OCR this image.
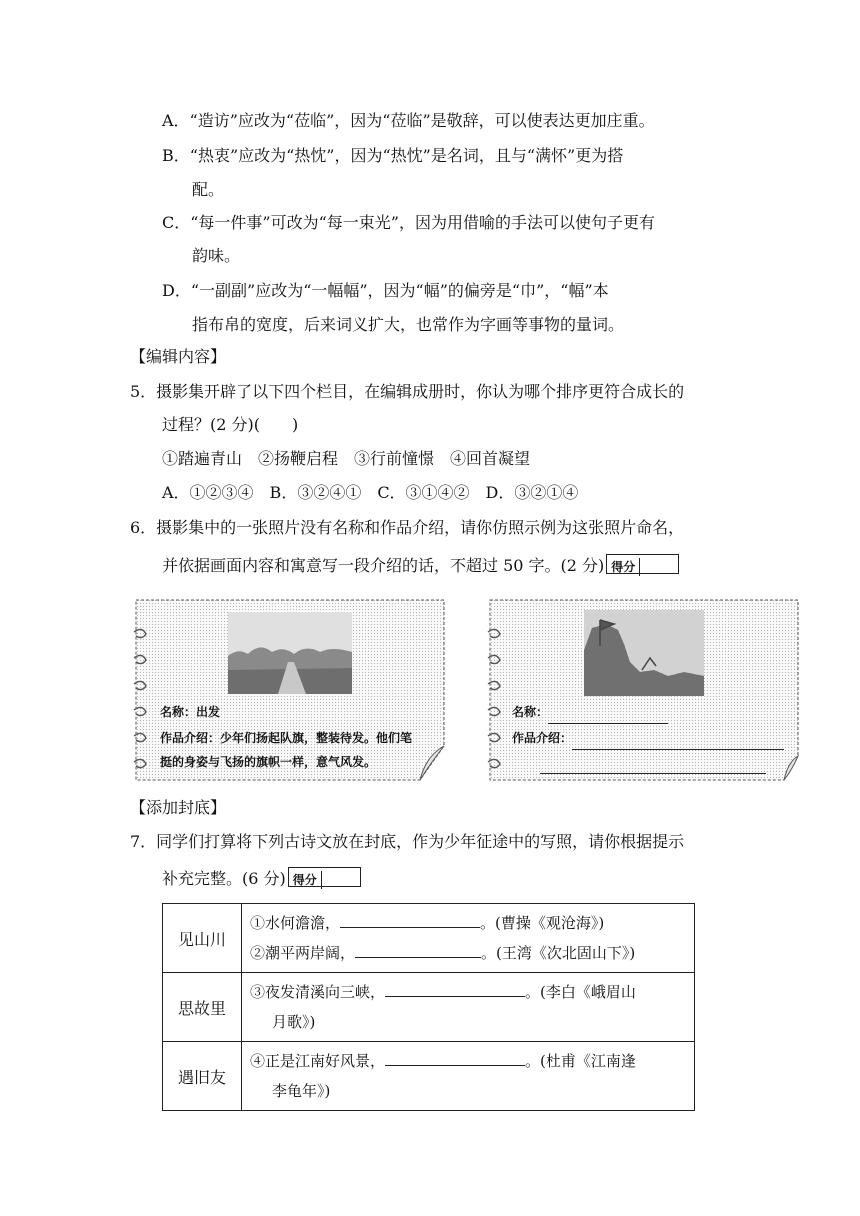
A．“造访”应改为“莅临”，因为“莅临”是敬辞，可以使表达更加庄重。
B．“热衷”应改为“热忱”，因为“热忱”是名词，且与“满怀”更为搭
配。
C．“每一件事”可改为“每一束光”，因为用借喻的手法可以使句子更有
韵味。
D．“一副副”应改为“一幅幅”，因为“幅”的偏旁是“巾”，“幅”本
指布帛的宽度，后来词义扩大，也常作为字画等事物的量词。
【编辑内容】
5．摄影集开辟了以下四个栏目，在编辑成册时，你认为哪个排序更符合成长的
过程？(2 分)(　　)
①踏遍青山　②扬鞭启程　③行前憧憬　④回首凝望
A．①②③④　B．③②④①　C．③①④②　D．③②①④
6．摄影集中的一张照片没有名称和作品介绍，请你仿照示例为这张照片命名，
并依据画面内容和寓意写一段介绍的话，不超过 50 字。(2 分) 得分
名称：出发
作品介绍：少年们扬起队旗，整装待发。他们笔
挺的身姿与飞扬的旗帜一样，意气风发。
名称：
作品介绍：
【添加封底】
7．同学们打算将下列古诗文放在封底，作为少年征途中的写照，请你根据提示
补充完整。(6 分) 得分
见山川	①水何澹澹， 。(曹操《观沧海》)
②潮平两岸阔， 。(王湾《次北固山下》)

思故里	③夜发清溪向三峡， 。(李白《峨眉山
月歌》)

遇旧友	④正是江南好风景， 。(杜甫《江南逢
李龟年》)
